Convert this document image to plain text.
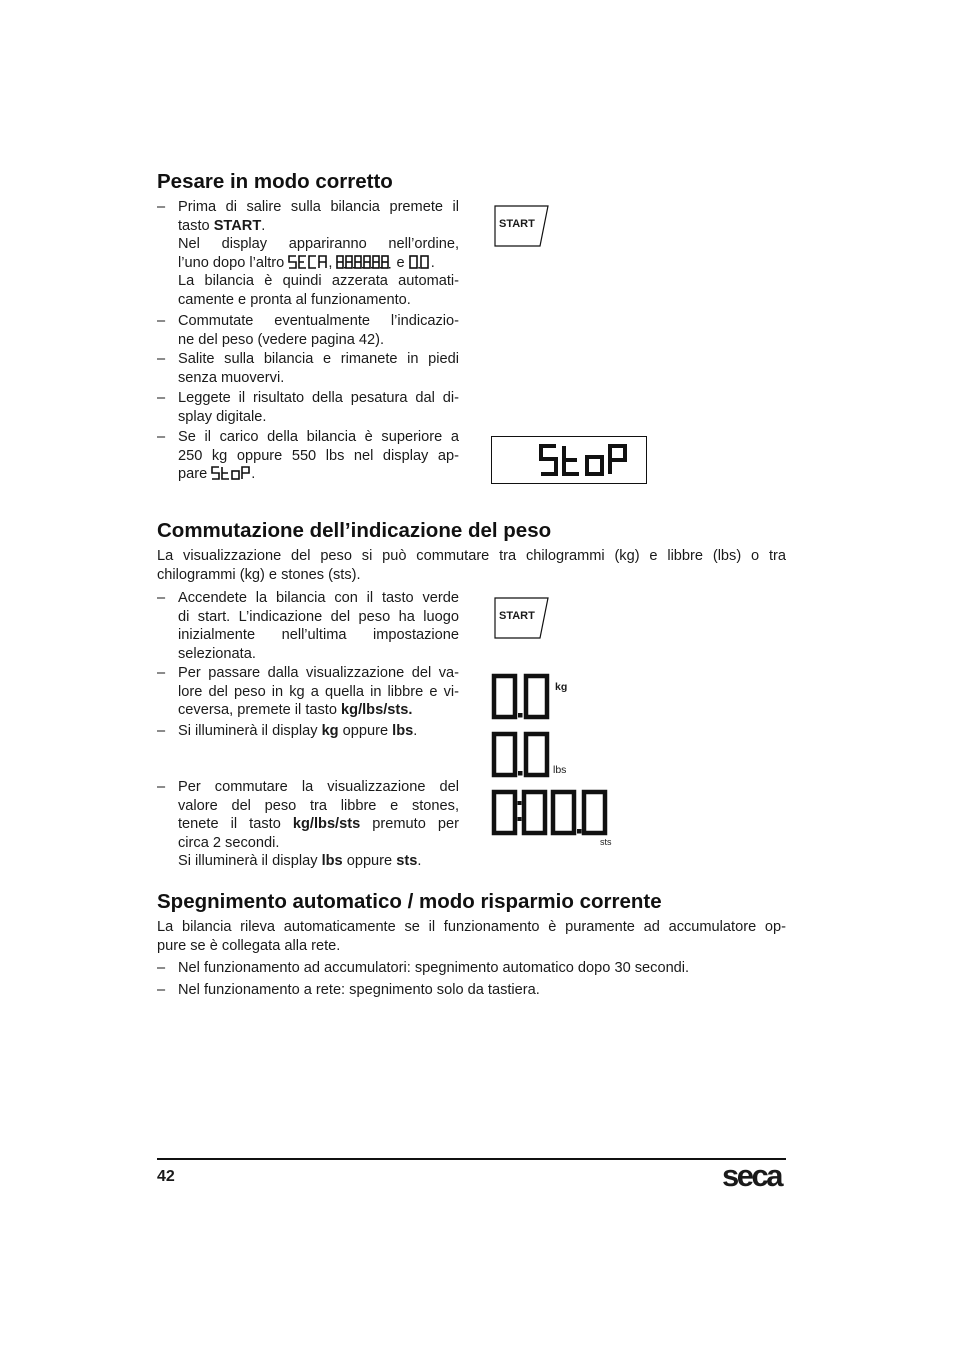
Pesare in modo corretto
– Prima di salire sulla bilancia premete il tasto START.
Nel display appariranno nell’ordine,
l’uno dopo l’altro	,	e
.
La bilancia è quindi azzerata automati-
camente e pronta al funzionamento.
– Commutate eventualmente l’indicazio-
ne del peso (vedere pagina 42).
– Salite sulla bilancia e rimanete in piedi
senza muovervi.
– Leggete il risultato della pesatura dal di-
splay digitale.
– Se il carico della bilancia è superiore a
250 kg oppure 550 lbs nel display ap-
pare	.
START
Commutazione dell’indicazione del peso
La visualizzazione del peso si può commutare tra chilogrammi (kg) e libbre (lbs) o tra
chilogrammi (kg) e stones (sts).
– Accendete la bilancia con il tasto verde
di start. L’indicazione del peso ha luogo
inizialmente nell’ultima impostazione
selezionata.
– Per passare dalla visualizzazione del va-
lore del peso in kg a quella in libbre e vi-
ceversa, premete il tasto kg/lbs/sts.
– Si illuminerà il display kg oppure lbs.
– Per commutare la visualizzazione del
valore del peso tra libbre e stones,
tenete il tasto kg/lbs/sts premuto per
circa 2 secondi.
Si illuminerà il display lbs oppure sts.
START
kg
lbs
sts
Spegnimento automatico / modo risparmio corrente
La bilancia rileva automaticamente se il funzionamento è puramente ad accumulatore op-
pure se è collegata alla rete.
– Nel funzionamento ad accumulatori: spegnimento automatico dopo 30 secondi.
– Nel funzionamento a rete: spegnimento solo da tastiera.
42	seca
